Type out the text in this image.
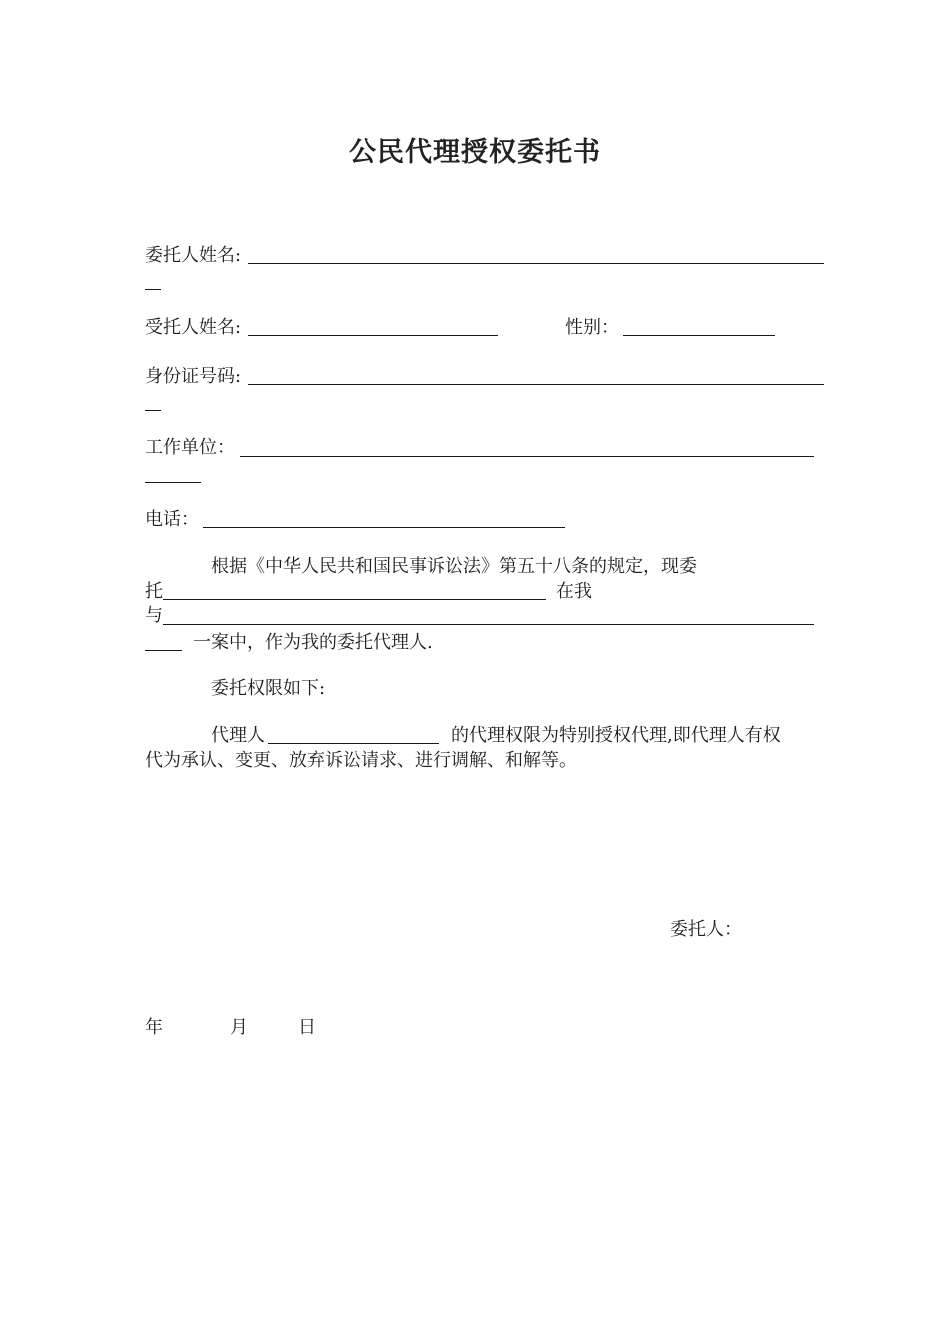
公民代理授权委托书
委托人姓名:
受托人姓名:	性别：
身份证号码:
工作单位：
电话：
根据《中华人民共和国民事诉讼法》第五十八条的规定，现委
托	在我
与
一案中，作为我的委托代理人.
委托权限如下:
代理人	的代理权限为特别授权代理,即代理人有权
代为承认、变更、放弃诉讼请求、进行调解、和解等。
委托人：
年	月	日
